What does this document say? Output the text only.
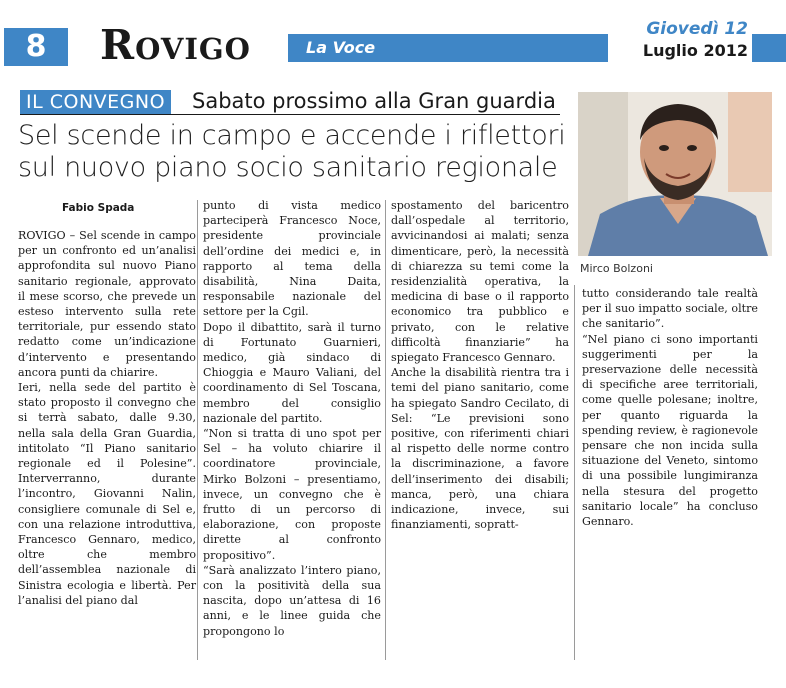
8	Rovigo	La Voce
Giovedì 12
Luglio 2012
IL CONVEGNO Sabato prossimo alla Gran guardia
Sel scende in campo e accende i riflettori
sul nuovo piano socio sanitario regionale
Fabio Spada

ROVIGO – Sel scende in campo per un confronto ed un’analisi approfondita sul nuovo Piano sanitario regionale, approvato il mese scorso, che prevede un esteso intervento sulla rete territoriale, pur essendo stato redatto come un’indicazione d’intervento e presentando ancora punti da chiarire.

Ieri, nella sede del partito è stato proposto il convegno che si terrà sabato, dalle 9.30, nella sala della Gran Guardia, intitolato “Il Piano sanitario regionale ed il Polesine”. Interverranno, durante l’incontro, Giovanni Nalin, consigliere comunale di Sel e, con una relazione introduttiva, Francesco Gennaro, medico, oltre che membro dell’assemblea nazionale di Sinistra ecologia e libertà. Per l’analisi del piano dal

punto di vista medico parteciperà Francesco Noce, presidente provinciale dell’ordine dei medici e, in rapporto al tema della disabilità, Nina Daita, responsabile nazionale del settore per la Cgil.

Dopo il dibattito, sarà il turno di Fortunato Guarnieri, medico, già sindaco di Chioggia e Mauro Valiani, del coordinamento di Sel Toscana, membro del consiglio nazionale del partito.

“Non si tratta di uno spot per Sel – ha voluto chiarire il coordinatore provinciale, Mirko Bolzoni – presentiamo, invece, un convegno che è frutto di un percorso di elaborazione, con proposte dirette al confronto propositivo”.

“Sarà analizzato l’intero piano, con la positività della sua nascita, dopo un’attesa di 16 anni, e le linee guida che propongono lo

spostamento del baricentro dall’ospedale al territorio, avvicinandosi ai malati; senza dimenticare, però, la necessità di chiarezza su temi come la residenzialità operativa, la medicina di base o il rapporto economico tra pubblico e privato, con le relative difficoltà finanziarie” ha spiegato Francesco Gennaro.

Anche la disabilità rientra tra i temi del piano sanitario, come ha spiegato Sandro Cecilato, di Sel: “Le previsioni sono positive, con riferimenti chiari al rispetto delle norme contro la discriminazione, a favore dell’inserimento dei disabili; manca, però, una chiara indicazione, invece, sui finanziamenti, sopratt-

tutto considerando tale realtà per il suo impatto sociale, oltre che sanitario”.

“Nel piano ci sono importanti suggerimenti per la preservazione delle necessità di specifiche aree territoriali, come quelle polesane; inoltre, per quanto riguarda la spending review, è ragionevole pensare che non incida sulla situazione del Veneto, sintomo di una possibile lungimiranza nella stesura del progetto sanitario locale” ha concluso Gennaro.

Mirco Bolzoni
